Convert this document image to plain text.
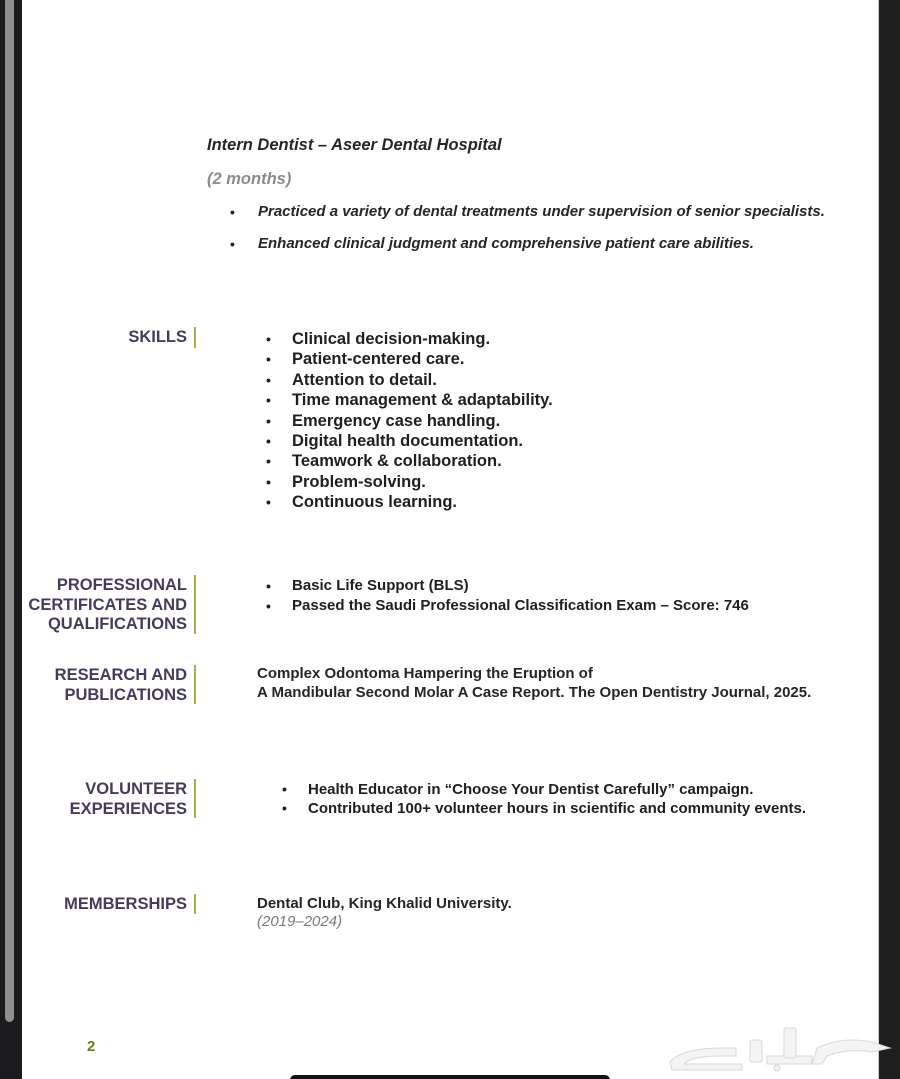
Intern Dentist – Aseer Dental Hospital
(2 months)
• Practiced a variety of dental treatments under supervision of senior specialists.
• Enhanced clinical judgment and comprehensive patient care abilities.
SKILLS	• Clinical decision-making.
• Patient-centered care.
• Attention to detail.
• Time management & adaptability.
• Emergency case handling.
• Digital health documentation.
• Teamwork & collaboration.
• Problem-solving.
• Continuous learning.
PROFESSIONAL
CERTIFICATES AND
QUALIFICATIONS
• Basic Life Support (BLS)
• Passed the Saudi Professional Classification Exam – Score: 746
RESEARCH AND
PUBLICATIONS
Complex Odontoma Hampering the Eruption of
A Mandibular Second Molar A Case Report. The Open Dentistry Journal, 2025.
VOLUNTEER
EXPERIENCES
• Health Educator in “Choose Your Dentist Carefully” campaign.
• Contributed 100+ volunteer hours in scientific and community events.
MEMBERSHIPS	Dental Club, King Khalid University.
(2019–2024)
2
